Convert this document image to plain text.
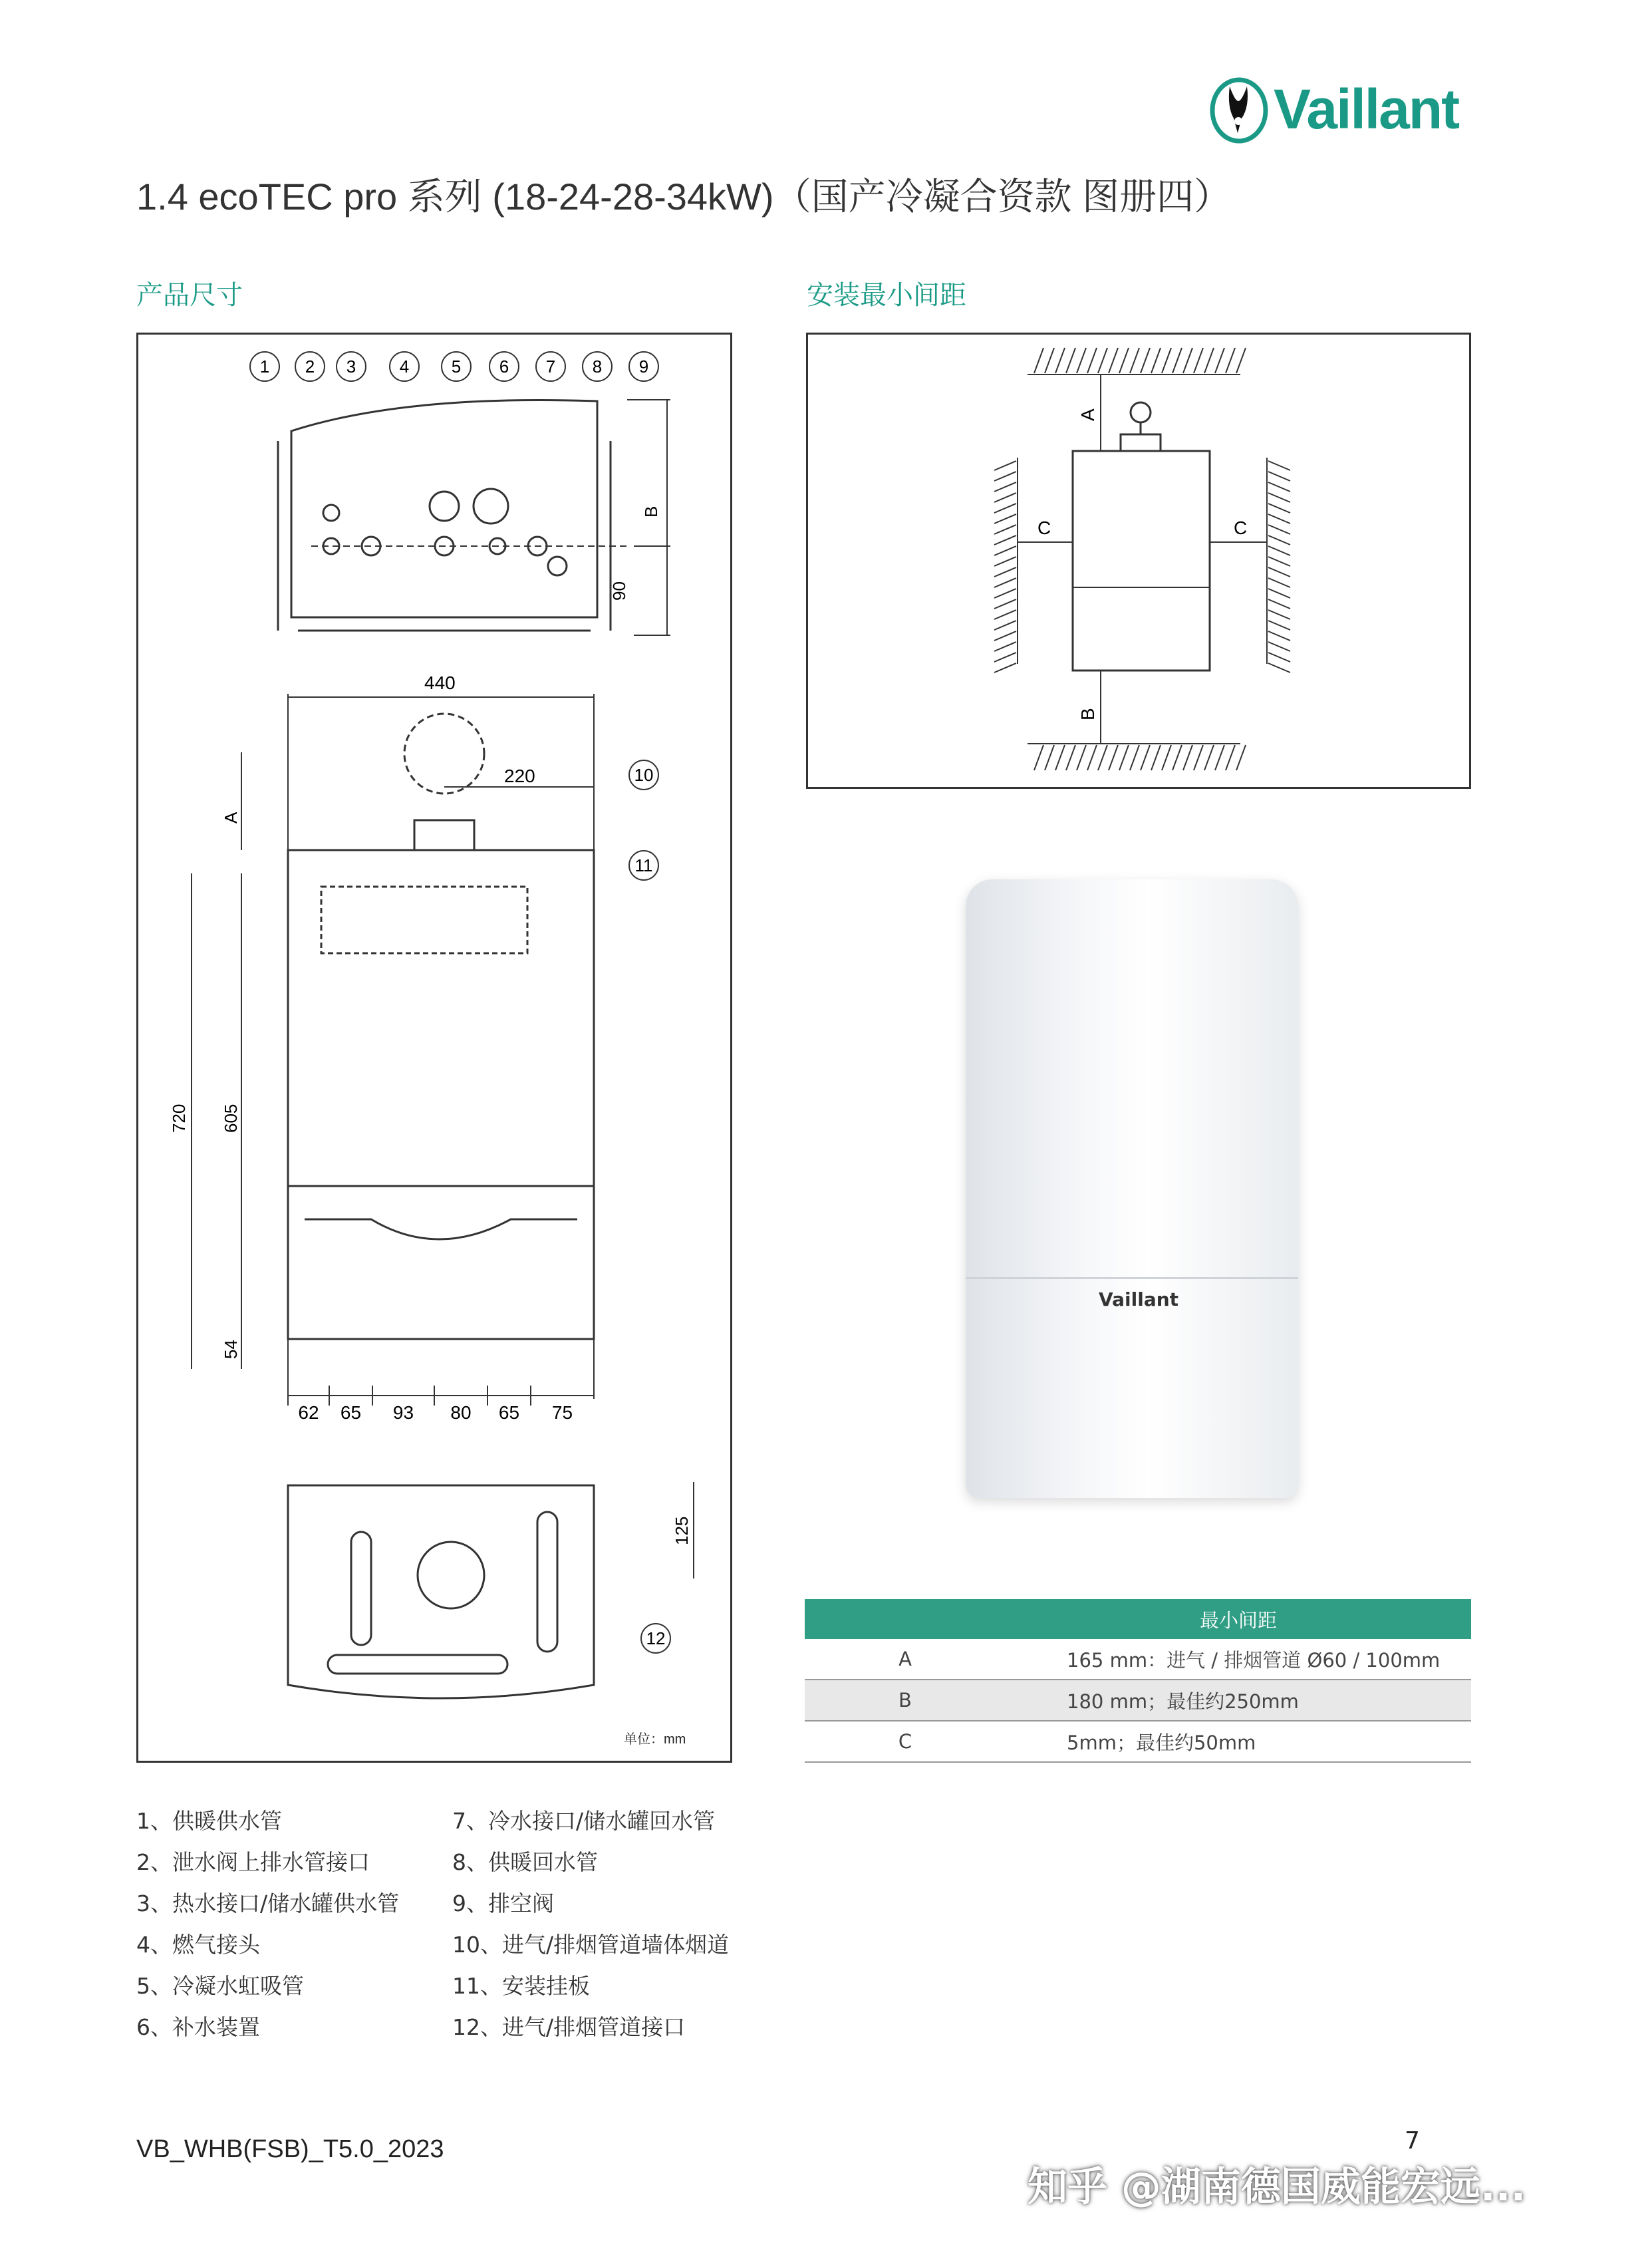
Vaillant
1.4 ecoTEC pro 系列 (18-24-28-34kW)（国产冷凝合资款 图册四）
产品尺寸	安装最小间距
1 2 3	4 5 6 7 8 9
10
11
12
B
90
440
220
A
720 605
54
62 65 93 80 65 75
125
单位：mm
A
B
C	C
Vaillant
	最小间距
A	165 mm：进气 / 排烟管道 Ø60 / 100mm
B	180 mm；最佳约250mm
C	5mm；最佳约50mm
1、供暖供水管
2、泄水阀上排水管接口
3、热水接口/储水罐供水管
4、燃气接头
5、冷凝水虹吸管
6、补水装置
7、冷水接口/储水罐回水管
8、供暖回水管
9、排空阀
10、进气/排烟管道墙体烟道
11、安装挂板
12、进气/排烟管道接口
VB_WHB(FSB)_T5.0_2023	7
知乎 @湖南德国威能宏远...
